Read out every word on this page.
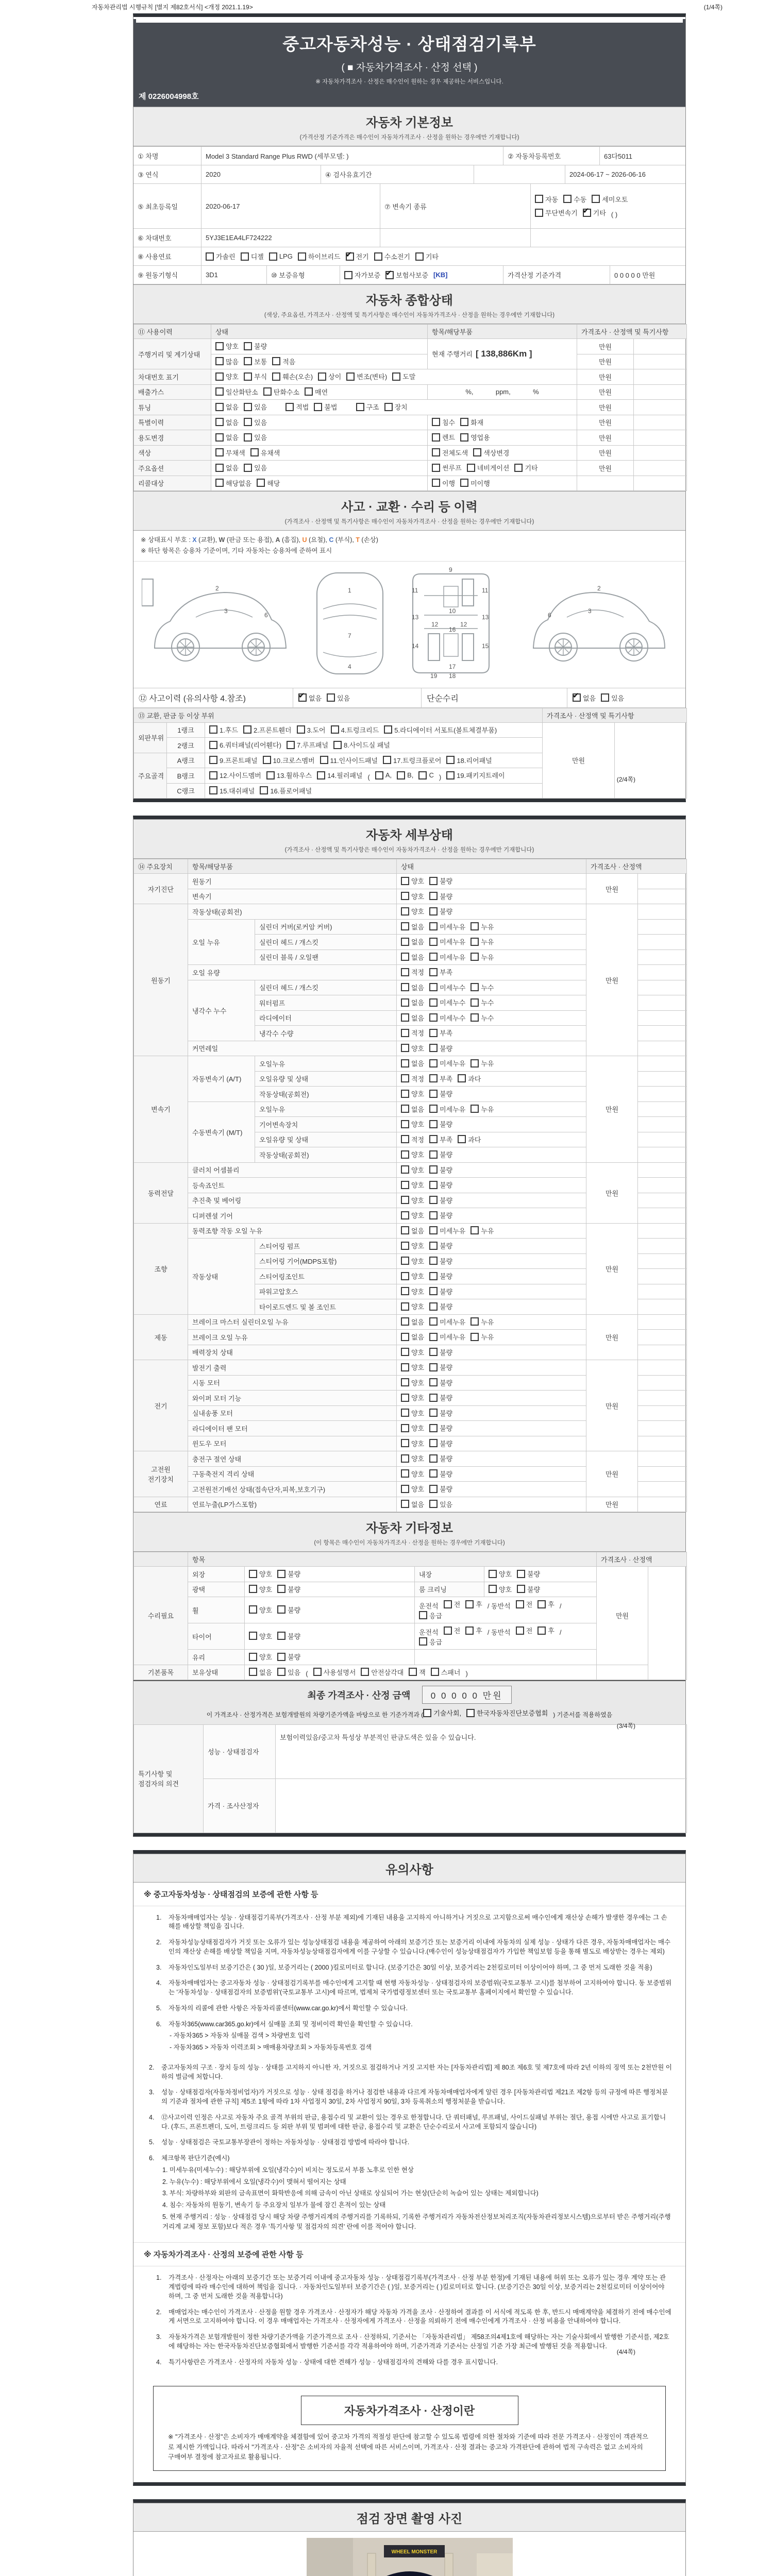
자동차관리법 시행규칙 [별지 제82호서식] <개정 2021.1.19>	(1/4쪽)
중고자동차성능 · 상태점검기록부
( ■ 자동차가격조사 · 산정 선택 )
※ 자동차가격조사 · 산정은 매수인이 원하는 경우 제공하는 서비스입니다.
제 0226004998호
자동차 기본정보
(가격산정 기준가격은 매수인이 자동차가격조사 · 산정을 원하는 경우에만 기재합니다)
① 차명	Model 3 Standard Range Plus RWD (세부모델: )	② 자동차등록번호	63다5011
③ 연식	2020	④ 검사유효기간	2024-06-17 ~ 2026-06-16
⑤ 최초등록일	2020-06-17	⑦ 변속기 종류
자동 수동 세미오토
무단변속기 ✔ 기타 ( )
⑥ 차대번호	5YJ3E1EA4LF724222
⑧ 사용연료	가솔린 디젤 LPG 하이브리드 ✔ 전기 수소전기 기타
⑨ 원동기형식	3D1	⑩ 보증유형	자가보증 ✔ 보험사보증 [KB]	가격산정 기준가격	0 0 0 0 0 만원
자동차 종합상태
(색상, 주요옵션, 가격조사 · 산정액 및 특기사항은 매수인이 자동차가격조사 · 산정을 원하는 경우에만 기재합니다)
⑪ 사용이력	상태	항목/해당부품	가격조사 · 산정액 및 특기사항	
주행거리 및 계기상태	양호 불량	현재 주행거리 [ 138,886Km ]	만원	

	많음 보통 적음		만원	
차대번호 표기	양호 부식 훼손(오손) 상이 변조(변타) 도말	만원	
배출가스	일산화탄소 탄화수소 매연	%,            ppm,            %	만원	
튜닝	없음 있음	적법 불법	구조 장치	만원	
특별이력	없음 있음	침수 화재	만원	
용도변경	없음 있음	렌트 영업용	만원	
색상	무채색 유채색	전체도색 색상변경	만원	
주요옵션	없음 있음	썬루프 네비게이션 기타	만원	
리콜대상	해당없음 해당	이행 미이행		

사고 · 교환 · 수리 등 이력
(가격조사 · 산정액 및 특기사항은 매수인이 자동차가격조사 · 산정을 원하는 경우에만 기재합니다)
※ 상태표시 부호 : X (교환), W (판금 또는 용접), A (흠집), U (요철), C (부식), T (손상)
※ 하단 항목은 승용차 기준이며, 기타 자동차는 승용차에 준하여 표시
2
3
6
1
7
4
9
11	11
13	13
12	12
10
16
14	15
17
18
19
2
3
6
⑫ 사고이력 (유의사항 4.참조) ✔	없음 있음	단순수리 ✔	없음 있음
⑬ 교환, 판금 등 이상 부위			가격조사 · 산정액 및 특기사항	
외판부위	1랭크	1.후드 2.프론트휀더 3.도어 4.트렁크리드 5.라디에이터 서포트(볼트체결부품)	만원	
	2랭크	6.쿼터패널(리어휀다) 7.루프패널 8.사이드실 패널		

주요골격	A랭크	9.프론트패널 10.크로스멤버 11.인사이드패널 17.트렁크플로어 18.리어패널		

B랭크	12.사이드멤버 13.휠하우스 14.필러패널 ( A, B, C ) 19.패키지트레이

	C랭크	15.대쉬패널 16.플로어패널		
(2/4쪽)
자동차 세부상태
(가격조사 · 산정액 및 특기사항은 매수인이 자동차가격조사 · 산정을 원하는 경우에만 기재합니다)
⑭ 주요장치	항목/해당부품		상태	가격조사 · 산정액	
자기진단	원동기		양호 불량	만원	
	변속기		양호 불량		

원동기	작동상태(공회전)		양호 불량	만원	
	오일 누유	실린더 커버(로커암 커버)	없음 미세누유 누유		

		실린더 헤드 / 개스킷	없음 미세누유 누유		

		실린더 블록 / 오일팬	없음 미세누유 누유		

	오일 유량		적정 부족		

	냉각수 누수	실린더 헤드 / 개스킷	없음 미세누수 누수		

		워터펌프	없음 미세누수 누수		

		라디에이터	없음 미세누수 누수		

		냉각수 수량	적정 부족		

	커먼레일		양호 불량		

변속기	자동변속기 (A/T)	오일누유	없음 미세누유 누유	만원	
		오일유량 및 상태	적정 부족 과다		

		작동상태(공회전)	양호 불량		

	수동변속기 (M/T)	오일누유	없음 미세누유 누유		

		기어변속장치	양호 불량		

		오일유량 및 상태	적정 부족 과다		

		작동상태(공회전)	양호 불량		

동력전달	클러치 어셈블리		양호 불량	만원	
	등속죠인트		양호 불량		

	추진축 및 베어링		양호 불량		

	디퍼렌셜 기어		양호 불량		

조향	동력조향 작동 오일 누유		없음 미세누유 누유	만원	
	작동상태	스티어링 펌프	양호 불량		

		스티어링 기어(MDPS포함)	양호 불량		

		스티어링조인트	양호 불량		

		파워고압호스	양호 불량		

		타이로드엔드 및 볼 조인트	양호 불량		

제동	브레이크 마스터 실린더오일 누유		없음 미세누유 누유	만원	
	브레이크 오일 누유		없음 미세누유 누유		

	배력장치 상태		양호 불량		

전기	발전기 출력		양호 불량	만원	
	시동 모터		양호 불량		

	와이퍼 모터 기능		양호 불량		

	실내송풍 모터		양호 불량		

	라디에이터 팬 모터		양호 불량		

	윈도우 모터		양호 불량		

고전원 전기장치	충전구 절연 상태		양호 불량	만원	
	구동축전지 격리 상태		양호 불량		

	고전원전기배선 상태(접속단자,피복,보호기구)		양호 불량		

연료	연료누출(LP가스포함)		없음 있음	만원	
자동차 기타정보
(이 항목은 매수인이 자동차가격조사 · 산정을 원하는 경우에만 기재합니다)
	항목				가격조사 · 산정액	
수리필요	외장	양호 불량	내장	양호 불량	만원	
	광택	양호 불량	룸 크리닝	양호 불량		

휠	양호 불량
	운전석 전 후 / 동반석 전 후 /
응급

타이어	양호 불량
	운전석 전 후 / 동반석 전 후 /
응급

	유리	양호 불량				

기본품목	보유상태	없음 있음 ( 사용설명서 안전삼각대 잭 스패너 )	
최종 가격조사 · 산정 금액 0 0 0 0 0 만원
이 가격조사 · 산정가격은 보험개발원의 차량기준가액을 바탕으로 한 기준가격과 ( 기술사회, 한국자동차진단보증협회 ) 기준서를 적용하였음
특기사항 및 점검자의 의견	성능 · 상태점검자	보험이력있음/중고차 특성상 부분적인 판금도색은 있을 수 있습니다.
	가격 · 조사산정자	
(3/4쪽)
유의사항
※ 중고자동차성능 · 상태점검의 보증에 관한 사항 등
1.	자동차매매업자는 성능 · 상태점검기록부(가격조사 · 산정 부분 제외)에 기재된 내용을 고지하지 아니하거나 거짓으로 고지함으로써 매수인에게 재산상 손해가 발생한 경우에는 그 손해를 배상할 책임을 집니다.
2.	자동차성능상태점검자가 거짓 또는 오류가 있는 성능상태점검 내용을 제공하여 아래의 보증기간 또는 보증거리 이내에 자동차의 실제 성능 · 상태가 다른 경우, 자동차매매업자는 매수인의 재산상 손해를 배상할 책임을 지며, 자동차성능상태점검자에게 이를 구상할 수 있습니다.(매수인이 성능상태점검자가 가입한 책임보험 등을 통해 별도로 배상받는 경우는 제외)
3.	자동차인도일부터 보증기간은 ( 30 )일, 보증거리는 ( 2000 )킬로미터로 합니다. (보증기간은 30일 이상, 보증거리는 2천킬로미터 이상이어야 하며, 그 중 먼저 도래한 것을 적용)
4.	자동차매매업자는 중고자동차 성능 · 상태점검기록부를 매수인에게 고지할 때 현행 자동차성능 · 상태점검자의 보증범위(국토교통부 고시)를 첨부하여 고지하여야 합니다. 동 보증범위는 '자동차성능 · 상태점검자의 보증범위'(국토교통부 고시)에 따르며, 법제처 국가법령정보센터 또는 국토교통부 홈페이지에서 확인할 수 있습니다.
5.	자동차의 리콜에 관한 사항은 자동차리콜센터(www.car.go.kr)에서 확인할 수 있습니다.
6.	자동차365(www.car365.go.kr)에서 실매물 조회 및 정비이력 확인을 확인할 수 있습니다.
- 자동차365 > 자동차 실매물 검색 > 차량번호 입력
- 자동차365 > 자동차 이력조회 > 매매용차량조회 > 자동차등록번호 검색
2.	중고자동차의 구조 · 장치 등의 성능 · 상태를 고지하지 아니한 자, 거짓으로 점검하거나 거짓 고지한 자는 [자동차관리법] 제 80조 제6호 및 제7호에 따라 2년 이하의 징역 또는 2천만원 이하의 벌금에 처합니다.
3.	성능 · 상태점검자(자동차정비업자)가 거짓으로 성능 · 상태 점검을 하거나 점검한 내용과 다르게 자동차매매업자에게 알린 경우 [자동차관리법 제21조 제2항 등의 규정에 따른 행정처분의 기준과 절차에 관한 규칙] 제5조 1항에 따라 1차 사업정지 30일, 2차 사업정지 90일, 3차 등록취소의 행정처분을 받습니다.
4.	⑫사고이력 인정은 사고로 자동차 주요 골격 부위의 판금, 용접수리 및 교환이 있는 경우로 한정합니다. 단 쿼터패널, 루프패널, 사이드실패널 부위는 절단, 용접 시에만 사고로 표기합니다. (후드, 프론트펜더, 도어, 트렁크리드 등 외판 부위 및 범퍼에 대한 판금, 용접수리 및 교환은 단순수리로서 사고에 포함되지 않습니다)
5.	성능 · 상태점검은 국토교통부장관이 정하는 자동차성능 · 상태점검 방법에 따라야 합니다.
6.	체크항목 판단기준(예시)
1. 미세누유(미세누수) : 해당부위에 오일(냉각수)이 비치는 정도로서 부품 노후로 인한 현상
2. 누유(누수) : 해당부위에서 오일(냉각수)이 맺혀서 떨어지는 상태
3. 부식: 차량하부와 외판의 금속표면이 화학반응에 의해 금속이 아닌 상태로 상실되어 가는 현상(단순히 녹슬어 있는 상태는 제외합니다)
4. 침수: 자동차의 원동기, 변속기 등 주요장치 일부가 물에 잠긴 흔적이 있는 상태
5. 현재 주행거리 : 성능 · 상태점검 당시 해당 차량 주행거리계의 주행거리를 기록하되, 기록한 주행거리가 자동차전산정보처리조직(자동차관리정보시스템)으로부터 받은 주행거리(주행거리계 교체 정보 포함)보다 적은 경우 '특기사항 및 점검자의 의견' 란에 이를 적어야 합니다.
※ 자동차가격조사 · 산정의 보증에 관한 사항 등
1.	가격조사 · 산정자는 아래의 보증기간 또는 보증거리 이내에 중고자동차 성능 · 상태점검기록부(가격조사 · 산정 부분 한정)에 기재된 내용에 허위 또는 오류가 있는 경우 계약 또는 관계법령에 따라 매수인에 대하여 책임을 집니다. · 자동차인도일부터 보증기간은 ( )일, 보증거리는 ( )킬로미터로 합니다. (보증기간은 30일 이상, 보증거리는 2천킬로미터 이상이어야 하며, 그 중 먼저 도래한 것을 적용합니다)
2.	매매업자는 매수인이 가격조사 · 산정을 원할 경우 가격조사 · 산정자가 해당 자동차 가격을 조사 · 산정하여 결과를 이 서식에 적도록 한 후, 반드시 매매계약을 체결하기 전에 매수인에게 서면으로 고지하여야 합니다. 이 경우 매매업자는 가격조사 · 산정자에게 가격조사 · 산정을 의뢰하기 전에 매수인에게 가격조사 · 산정 비용을 안내하여야 합니다.
3.	자동차가격은 보험개발원이 정한 차량기준가액을 기준가격으로 조사 · 산정하되, 기준서는 「자동차관리법」 제58조의4제1호에 해당하는 자는 기술사회에서 발행한 기준서를, 제2호에 해당하는 자는 한국자동차진단보증협회에서 발행한 기준서를 각각 적용하여야 하며, 기준가격과 기준서는 산정일 기준 가장 최근에 발행된 것을 적용합니다.
4.	특기사항란은 가격조사 · 산정자의 자동차 성능 · 상태에 대한 견해가 성능 · 상태점검자의 견해와 다를 경우 표시합니다.
자동차가격조사 · 산정이란
※ "가격조사 · 산정"은 소비자가 매매계약을 체결함에 있어 중고차 가격의 적절성 판단에 참고할 수 있도록 법령에 의한 절차와 기준에 따라 전문 가격조사 · 산정인이 객관적으로 제시한 가액입니다. 따라서 "가격조사 · 산정"은 소비자의 자율적 선택에 따른 서비스이며, 가격조사 · 산정 결과는 중고차 가격판단에 관하여 법적 구속력은 없고 소비자의 구매여부 결정에 참고자료로 활용됩니다.
(4/4쪽)
점검 장면 촬영 사진
WHEEL MONSTER
